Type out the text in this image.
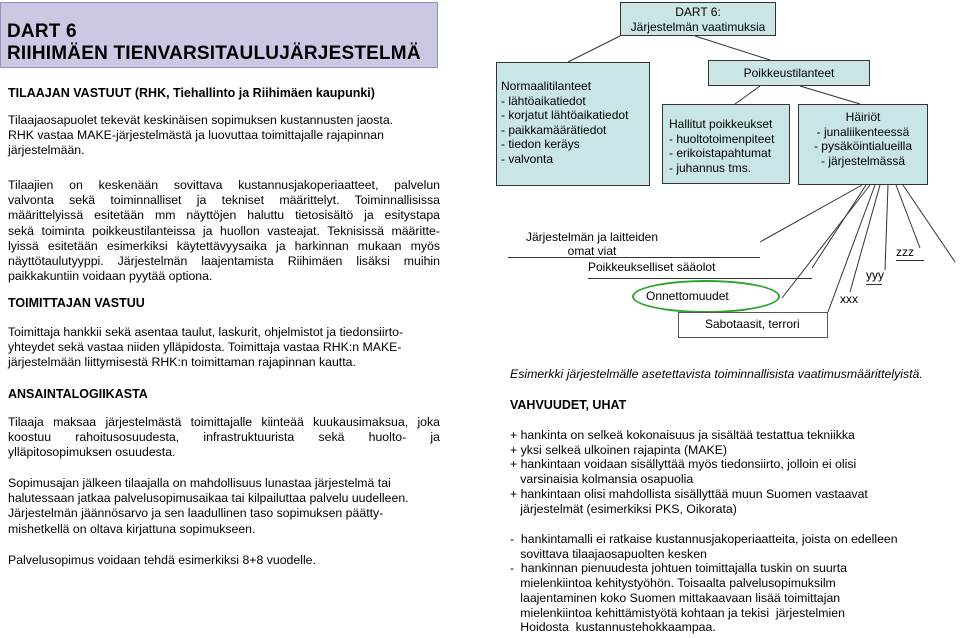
DART 6
RIIHIMÄEN TIENVARSITAULUJÄRJESTELMÄ
TILAAJAN VASTUUT (RHK, Tiehallinto ja Riihimäen kaupunki)
Tilaajaosapuolet tekevät keskinäisen sopimuksen kustannusten jaosta.
RHK vastaa MAKE-järjestelmästä ja luovuttaa toimittajalle rajapinnan
järjestelmään.
Tilaajien on keskenään sovittava kustannusjakoperiaatteet, palvelun
valvonta sekä toiminnalliset ja tekniset määrittelyt. Toiminnallisissa
määrittelyissä esitetään mm näyttöjen haluttu tietosisältö ja esitystapa
sekä toiminta poikkeustilanteissa ja huollon vasteajat. Teknisissä määritte-
lyissä esitetään esimerkiksi käytettävyysaika ja harkinnan mukaan myös
näyttötaulutyyppi. Järjestelmän laajentamista Riihimäen lisäksi muihin
paikkakuntiin voidaan pyytää optiona.
TOIMITTAJAN VASTUU
Toimittaja hankkii sekä asentaa taulut, laskurit, ohjelmistot ja tiedonsiirto-
yhteydet sekä vastaa niiden ylläpidosta. Toimittaja vastaa RHK:n MAKE-
järjestelmään liittymisestä RHK:n toimittaman rajapinnan kautta.
ANSAINTALOGIIKASTA
Tilaaja maksaa järjestelmästä toimittajalle kiinteää kuukausimaksua, joka
koostuu rahoitusosuudesta, infrastruktuurista sekä huolto- ja
ylläpitosopimuksen osuudesta.
Sopimusajan jälkeen tilaajalla on mahdollisuus lunastaa järjestelmä tai
halutessaan jatkaa palvelusopimusaikaa tai kilpailuttaa palvelu uudelleen.
Järjestelmän jäännösarvo ja sen laadullinen taso sopimuksen päätty-
mishetkellä on oltava kirjattuna sopimukseen.
Palvelusopimus voidaan tehdä esimerkiksi 8+8 vuodelle.
DART 6:
Järjestelmän vaatimuksia
Normaalitilanteet
- lähtöaikatiedot
- korjatut lähtöaikatiedot
- paikkamäärätiedot
- tiedon keräys
- valvonta
Poikkeustilanteet
Hallitut poikkeukset
- huoltotoimenpiteet
- erikoistapahtumat
- juhannus tms.
Häiriöt
- junaliikenteessä
- pysäköintialueilla
- järjestelmässä
Järjestelmän ja laitteiden
omat viat
Poikkeukselliset sääolot
Onnettomuudet
Sabotaasit, terrori
xxx
yyy
zzz
Esimerkki järjestelmälle asetettavista toiminnallisista vaatimusmäärittelyistä.
VAHVUUDET, UHAT
+ hankinta on selkeä kokonaisuus ja sisältää testattua tekniikka
+ yksi selkeä ulkoinen rajapinta (MAKE)
+ hankintaan voidaan sisällyttää myös tiedonsiirto, jolloin ei olisi
varsinaisia kolmansia osapuolia
+ hankintaan olisi mahdollista sisällyttää muun Suomen vastaavat
järjestelmät (esimerkiksi PKS, Oikorata)
-  hankintamalli ei ratkaise kustannusjakoperiaatteita, joista on edelleen
sovittava tilaajaosapuolten kesken
-  hankinnan pienuudesta johtuen toimittajalla tuskin on suurta
mielenkiintoa kehitystyöhön. Toisaalta palvelusopimuksilm
laajentaminen koko Suomen mittakaavaan lisää toimittajan
mielenkiintoa kehittämistyötä kohtaan ja tekisi  järjestelmien
Hoidosta  kustannustehokkaampaa.
